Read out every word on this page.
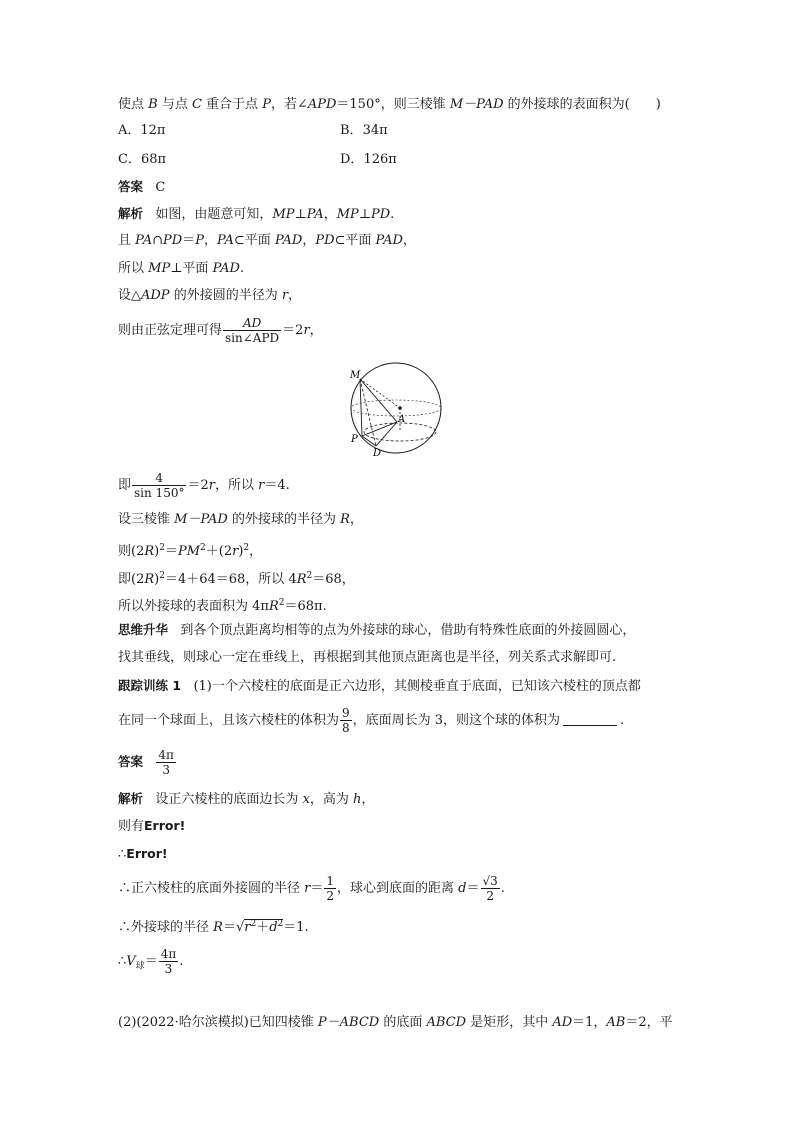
使点 B 与点 C 重合于点 P，若∠APD＝150°，则三棱锥 M－PAD 的外接球的表面积为(　　)
A．12π	B．34π
C．68π	D．126π
答案 C
解析 如图，由题意可知，MP⊥PA，MP⊥PD.
且 PA∩PD＝P，PA⊂平面 PAD，PD⊂平面 PAD，
所以 MP⊥平面 PAD.
设△ADP 的外接圆的半径为 r，
则由正弦定理可得 $\frac{AD}{\text{sin∠APD}} =2r$，
M
A
P
D
即 $\frac{4}{\sin 150^\circ} =2r$，所以 r＝4.
设三棱锥 M－PAD 的外接球的半径为 R，
则$(2R)^2=PM^2+(2r)^2$，
即$(2R)^2=4+64=68$，所以 $4R^2=68$，
所以外接球的表面积为 $4\pi R^2=68\pi$.
思维升华 到各个顶点距离均相等的点为外接球的球心，借助有特殊性底面的外接圆圆心，
找其垂线，则球心一定在垂线上，再根据到其他顶点距离也是半径，列关系式求解即可.
跟踪训练 1 (1)一个六棱柱的底面是正六边形，其侧棱垂直于底面，已知该六棱柱的顶点都
在同一个球面上，且该六棱柱的体积为 $\frac{9}{8}$ ，底面周长为 3，则这个球的体积为	.
答案 $\frac{4\pi}{3}$
解析 设正六棱柱的底面边长为 x，高为 h，
则有Error!
∴Error!
∴正六棱柱的底面外接圆的半径 $r= \frac{1}{2}$ ，球心到底面的距离 $d= \frac{√3}{2}$ .
∴外接球的半径 $R=√r^2+d^2=1$.
$\therefore V_球= \frac{4\pi}{3}$ .
(2)(2022·哈尔滨模拟)已知四棱锥 P－ABCD 的底面 ABCD 是矩形，其中 AD＝1，AB＝2，平
